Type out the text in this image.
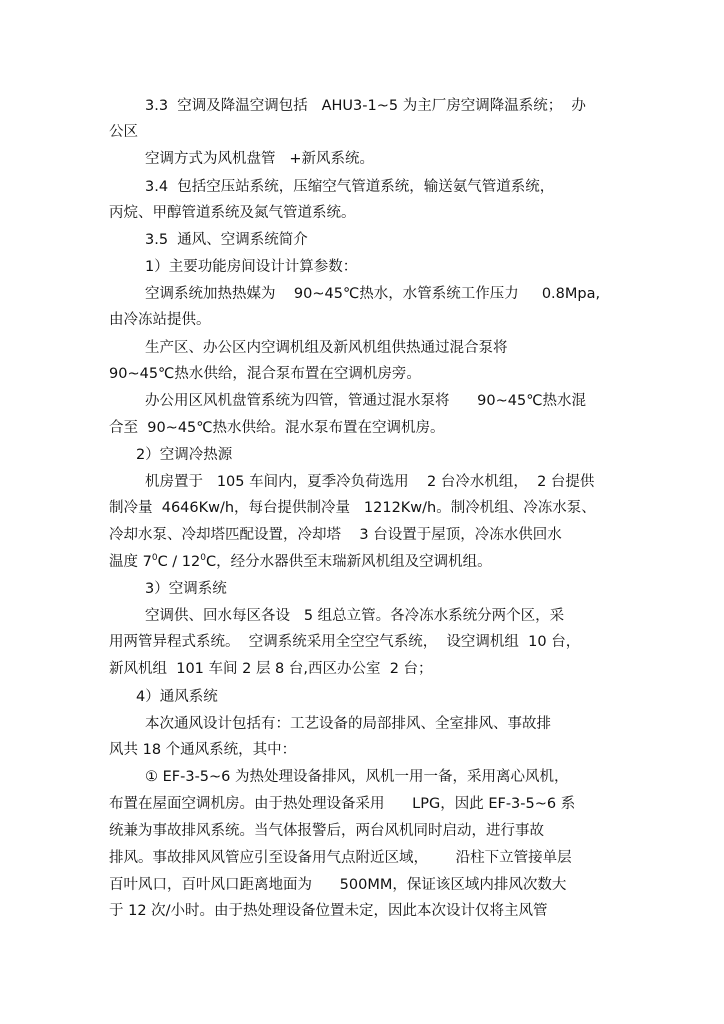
3.3  空调及降温空调包括   AHU3-1~5 为主厂房空调降温系统；  办
公区
空调方式为风机盘管   +新风系统。
3.4  包括空压站系统，压缩空气管道系统，输送氨气管道系统，
丙烷、甲醇管道系统及氮气管道系统。
3.5  通风、空调系统简介
1）主要功能房间设计计算参数：
空调系统加热热媒为    90~45℃热水，水管系统工作压力     0.8Mpa,
由冷冻站提供。
生产区、办公区内空调机组及新风机组供热通过混合泵将
90~45℃热水供给，混合泵布置在空调机房旁。
办公用区风机盘管系统为四管，管通过混水泵将      90~45℃热水混
合至  90~45℃热水供给。混水泵布置在空调机房。
2）空调冷热源
机房置于   105 车间内，夏季冷负荷选用    2 台冷水机组，  2 台提供
制冷量  4646Kw/h，每台提供制冷量   1212Kw/h。制冷机组、冷冻水泵、
冷却水泵、冷却塔匹配设置，冷却塔    3 台设置于屋顶，冷冻水供回水
温度 $7^0C / 12^0C$，经分水器供至末瑞新风机组及空调机组。
3）空调系统
空调供、回水每区各设   5 组总立管。各冷冻水系统分两个区，采
用两管异程式系统。  空调系统采用全空空气系统，  设空调机组  10 台，
新风机组  101 车间 2 层 8 台,西区办公室  2 台；
4）通风系统
本次通风设计包括有：工艺设备的局部排风、全室排风、事故排
风共 18 个通风系统，其中：
① EF-3-5~6 为热处理设备排风，风机一用一备，采用离心风机，
布置在屋面空调机房。由于热处理设备采用      LPG，因此 EF-3-5~6 系
统兼为事故排风系统。当气体报警后，两台风机同时启动，进行事故
排风。事故排风风管应引至设备用气点附近区域，      沿柱下立管接单层
百叶风口，百叶风口距离地面为      500MM，保证该区域内排风次数大
于 12 次/小时。由于热处理设备位置未定，因此本次设计仅将主风管
